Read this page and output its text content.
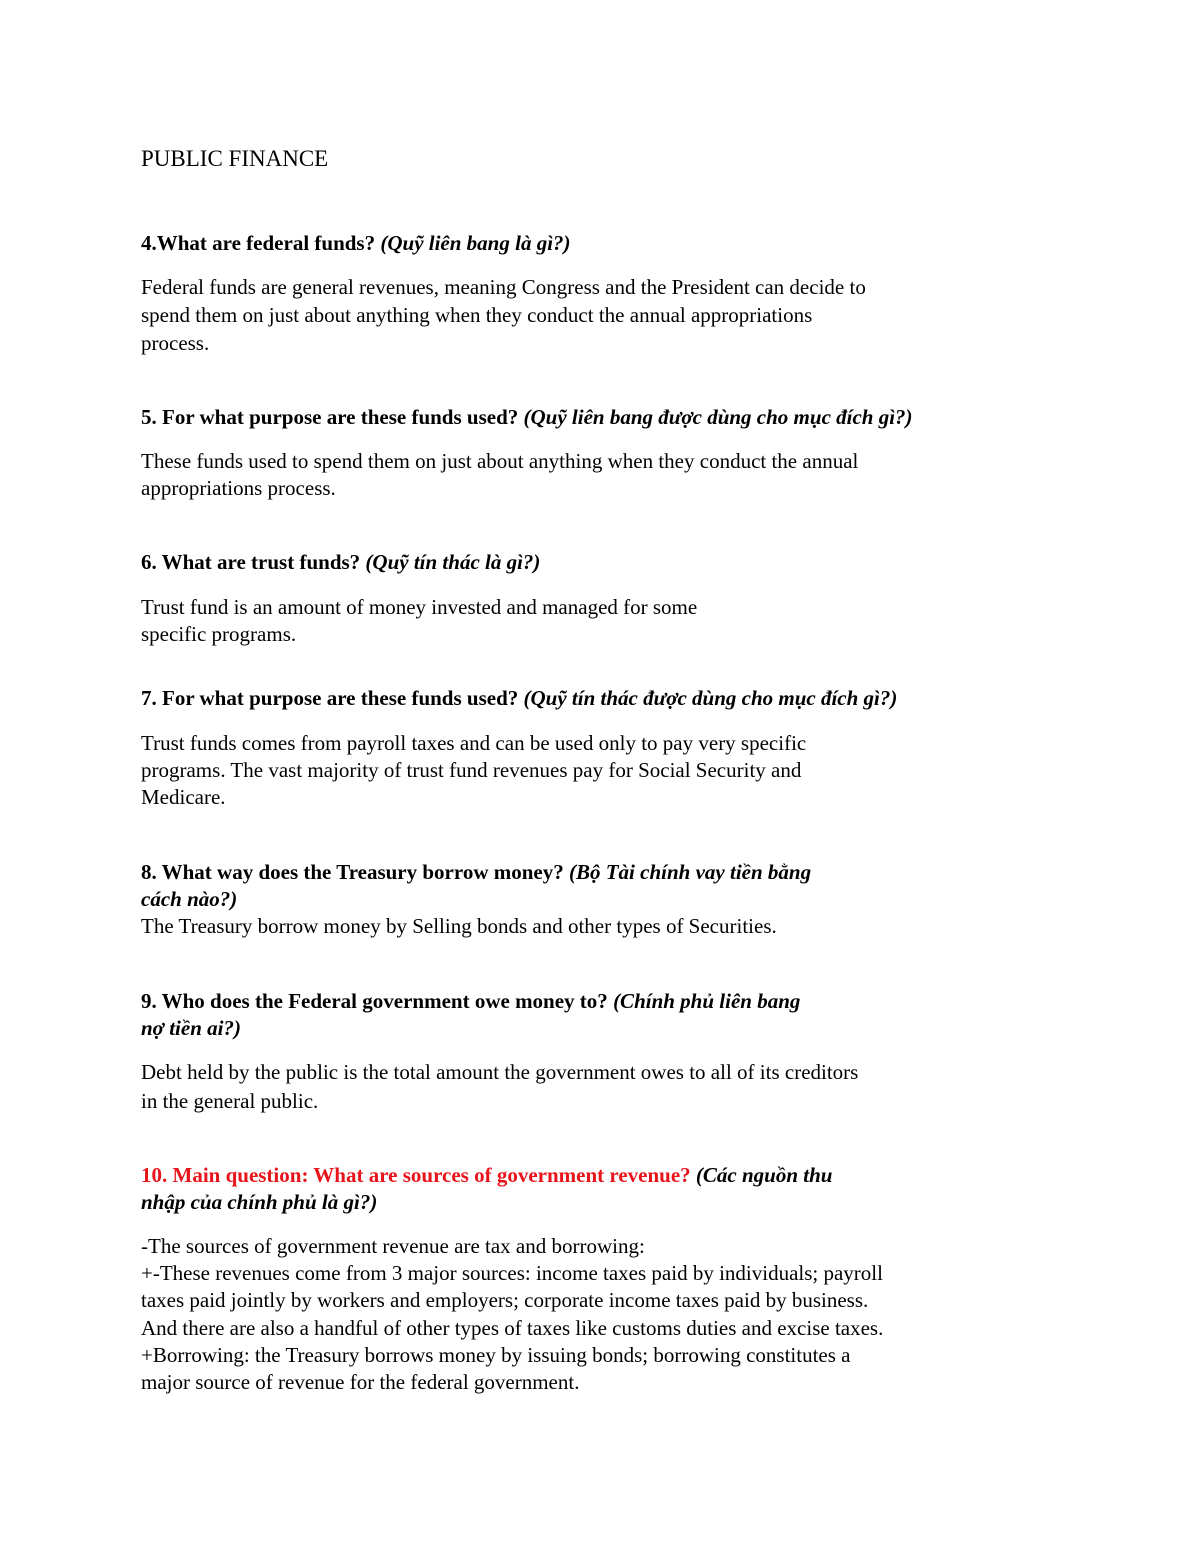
PUBLIC FINANCE
4.What are federal funds? (Quỹ liên bang là gì?)
Federal funds are general revenues, meaning Congress and the President can decide to
spend them on just about anything when they conduct the annual appropriations
process.
5. For what purpose are these funds used? (Quỹ liên bang được dùng cho mục đích gì?)
These funds used to spend them on just about anything when they conduct the annual
appropriations process.
6. What are trust funds? (Quỹ tín thác là gì?)
Trust fund is an amount of money invested and managed for some
specific programs.
7. For what purpose are these funds used? (Quỹ tín thác được dùng cho mục đích gì?)
Trust funds comes from payroll taxes and can be used only to pay very specific
programs. The vast majority of trust fund revenues pay for Social Security and
Medicare.
8. What way does the Treasury borrow money? (Bộ Tài chính vay tiền bằng
cách nào?)
The Treasury borrow money by Selling bonds and other types of Securities.
9. Who does the Federal government owe money to? (Chính phủ liên bang
nợ tiền ai?)
Debt held by the public is the total amount the government owes to all of its creditors
in the general public.
10. Main question: What are sources of government revenue? (Các nguồn thu
nhập của chính phủ là gì?)
-The sources of government revenue are tax and borrowing:
+-These revenues come from 3 major sources: income taxes paid by individuals; payroll
taxes paid jointly by workers and employers; corporate income taxes paid by business.
And there are also a handful of other types of taxes like customs duties and excise taxes.
+Borrowing: the Treasury borrows money by issuing bonds; borrowing constitutes a
major source of revenue for the federal government.
